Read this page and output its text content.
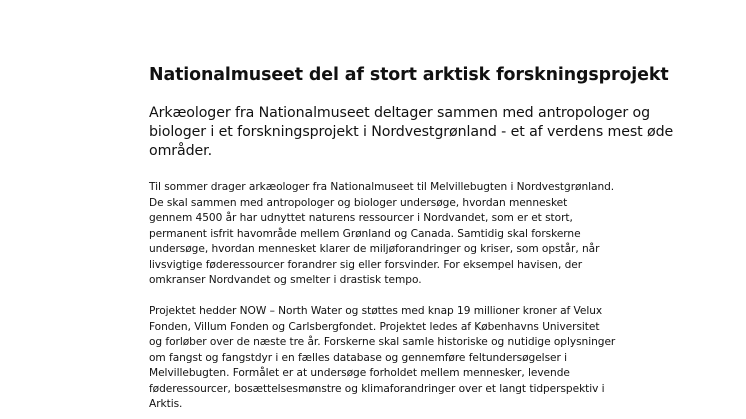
Nationalmuseet del af stort arktisk forskningsprojekt

Arkæologer fra Nationalmuseet deltager sammen med antropologer og
biologer i et forskningsprojekt i Nordvestgrønland - et af verdens mest øde
områder.

Til sommer drager arkæologer fra Nationalmuseet til Melvillebugten i Nordvestgrønland.
De skal sammen med antropologer og biologer undersøge, hvordan mennesket
gennem 4500 år har udnyttet naturens ressourcer i Nordvandet, som er et stort,
permanent isfrit havområde mellem Grønland og Canada. Samtidig skal forskerne
undersøge, hvordan mennesket klarer de miljøforandringer og kriser, som opstår, når
livsvigtige føderessourcer forandrer sig eller forsvinder. For eksempel havisen, der
omkranser Nordvandet og smelter i drastisk tempo.

Projektet hedder NOW – North Water og støttes med knap 19 millioner kroner af Velux
Fonden, Villum Fonden og Carlsbergfondet. Projektet ledes af Københavns Universitet
og forløber over de næste tre år. Forskerne skal samle historiske og nutidige oplysninger
om fangst og fangstdyr i en fælles database og gennemføre feltundersøgelser i
Melvillebugten. Formålet er at undersøge forholdet mellem mennesker, levende
føderessourcer, bosættelsesmønstre og klimaforandringer over et langt tidperspektiv i
Arktis.
